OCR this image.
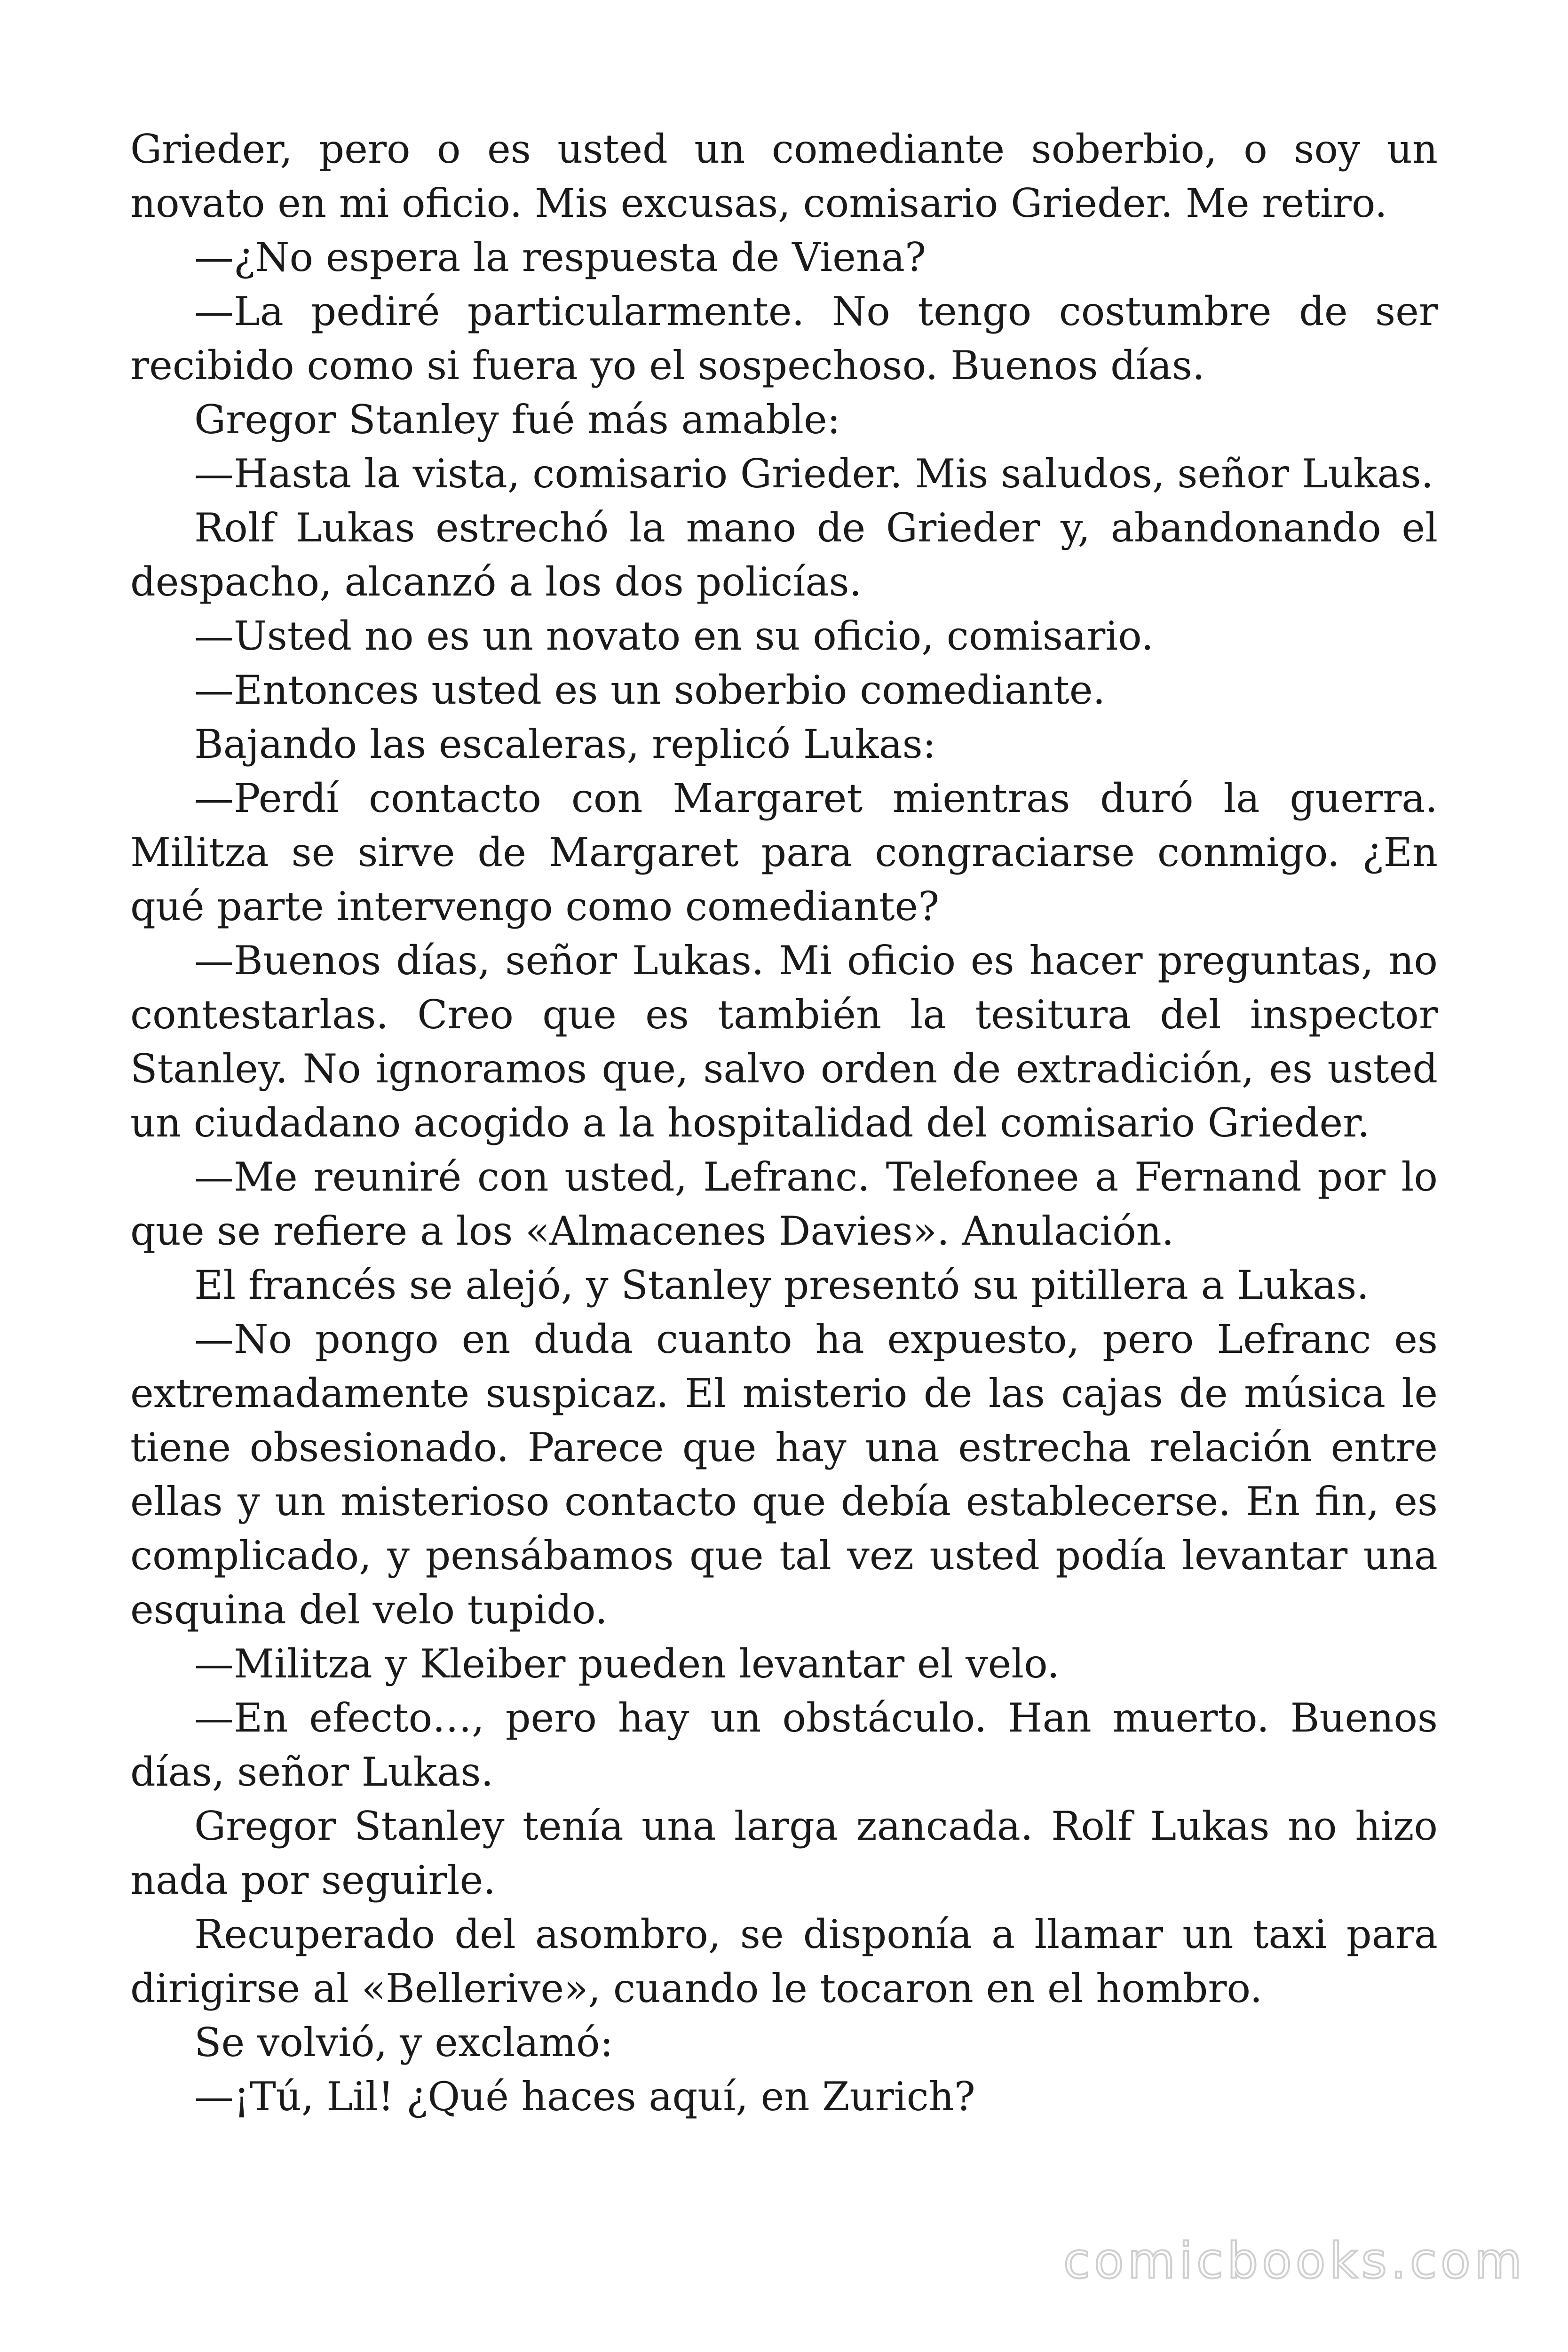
Grieder, pero o es usted un comediante soberbio, o soy un novato en mi oficio. Mis excusas, comisario Grieder. Me retiro.

—¿No espera la respuesta de Viena?

—La pediré particularmente. No tengo costumbre de ser recibido como si fuera yo el sospechoso. Buenos días.

Gregor Stanley fué más amable:

—Hasta la vista, comisario Grieder. Mis saludos, señor Lukas.

Rolf Lukas estrechó la mano de Grieder y, abandonando el despacho, alcanzó a los dos policías.

—Usted no es un novato en su oficio, comisario.

—Entonces usted es un soberbio comediante.

Bajando las escaleras, replicó Lukas:

—Perdí contacto con Margaret mientras duró la guerra. Militza se sirve de Margaret para congraciarse conmigo. ¿En qué parte intervengo como comediante?

—Buenos días, señor Lukas. Mi oficio es hacer preguntas, no contestarlas. Creo que es también la tesitura del inspector Stanley. No ignoramos que, salvo orden de extradición, es usted un ciudadano acogido a la hospitalidad del comisario Grieder.

—Me reuniré con usted, Lefranc. Telefonee a Fernand por lo que se refiere a los «Almacenes Davies». Anulación.

El francés se alejó, y Stanley presentó su pitillera a Lukas.

—No pongo en duda cuanto ha expuesto, pero Lefranc es extremadamente suspicaz. El misterio de las cajas de música le tiene obsesionado. Parece que hay una estrecha relación entre ellas y un misterioso contacto que debía establecerse. En fin, es complicado, y pensábamos que tal vez usted podía levantar una esquina del velo tupido.

—Militza y Kleiber pueden levantar el velo.

—En efecto…, pero hay un obstáculo. Han muerto. Buenos días, señor Lukas.

Gregor Stanley tenía una larga zancada. Rolf Lukas no hizo nada por seguirle.

Recuperado del asombro, se disponía a llamar un taxi para dirigirse al «Bellerive», cuando le tocaron en el hombro.

Se volvió, y exclamó:

—¡Tú, Lil! ¿Qué haces aquí, en Zurich?

comicbooks.com
